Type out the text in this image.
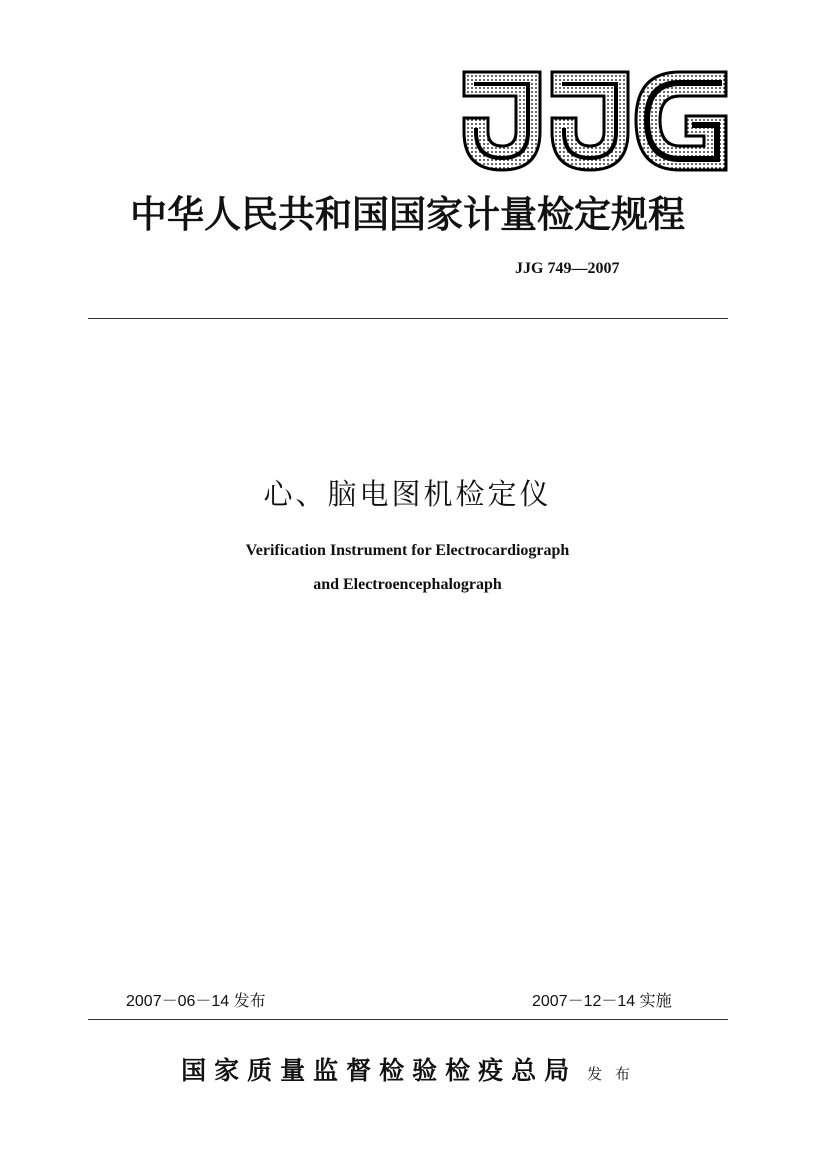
中华人民共和国国家计量检定规程
JJG 749—2007
心、脑电图机检定仪
Verification Instrument for Electrocardiograph
and Electroencephalograph
2007－06－14 发布	2007－12－14 实施
国家质量监督检验检疫总局 发 布
